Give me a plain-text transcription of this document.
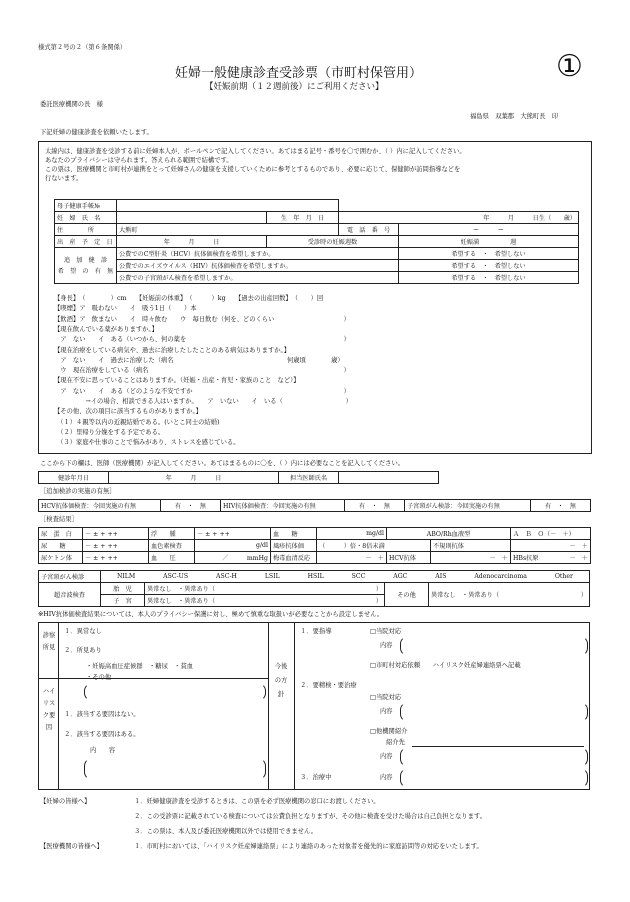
様式第２号の２（第６条関係）
妊婦一般健康診査受診票（市町村保管用）
【妊娠前期（１２週前後）にご利用ください】
①
委託医療機関の長　様
福島県　双葉郡　大熊町長　印
下記妊婦の健康診査を依頼いたします。
太線内は、健康診査を受診する前に妊婦本人が、ボールペンで記入してください。あてはまる記号・番号を〇で囲むか、（ ）内に記入してください。
あなたのプライバシーは守られます。答えられる範囲で結構です。
この票は、医療機関と市町村が連携をとって妊婦さんの健康を支援していくために参考とするものであり、必要に応じて、保健師が訪問指導などを
行ないます。
母子健康手帳№				
妊　婦　氏　名		生　年　月　日	年　　　月　　　日生（　　歳）	
住　　　　所	大熊町		電　話　番　号	ー　　　ー
出　産　予　定　日	年　　　月　　　日	受診時の妊娠週数		妊娠満　　　　　週
追　加　健　診
希　望　の　有　無	公費でのC型肝炎（HCV）抗体価検査を希望しますか。			希望する　・　希望しない
	公費でのエイズウイルス（HIV）抗体価検査を希望しますか。			希望する　・　希望しない
	公費での子宮頸がん検査を希望しますか。			希望する　・　希望しない
【身長】　（　　　　）cm　　【妊娠前の体重】　（　　　）kg　　【過去の出産回数】　（　　）回
【喫煙】ア　吸わない　　イ　吸う1日（　　）本
【飲酒】ア　飲まない　　イ　時々飲む　　ウ　毎日飲む（何を、どのくらい　　　　　　　　　　　）
【現在飲んでいる薬がありますか。】
　ア　ない　　イ　ある（いつから、何の薬を　　　　　　　　　　　　　　　　　　　　　　　　　）
【現在治療をしている病気や、過去に治療したしたことのある病気はありますか。】
　ア　ない　　イ　過去に治療した（病名　　　　　　　　　　　　　　　　　　何歳頃　　　　歳）
　ウ　現在治療をしている（病名　　　　　　　　　　　　　　　　　　　　　　　　　　　　　　　）
【現在不安に思っていることはありますか。（妊娠・出産・育児・家族のこと　など）】
　ア　ない　　イ　ある（どのような不安ですか　　　　　　　　　　　　　　　　　　　　　　　　）
　　　　　→イの場合、相談できる人はいますか。　　ア　いない　　イ　いる（　　　　　　　　　　）
【その他、次の項目に該当するものがありますか。】
　（１）４親等以内の近親結婚である。(いとこ同士の結婚)
　（２）里帰り分娩をする予定である。
　（３）家庭や仕事のことで悩みがあり、ストレスを感じている。
ここから下の欄は、医師（医療機関）が記入してください。あてはまるものに〇を、（ ）内には必要なことを記入してください。
健診年月日	年　　　月　　　日	担当医師氏名	
［追加検診の実施の有無］
HCV抗体価検査：今回実施の有無	有　・　無	HIV抗体価検査：今回実施の有無	有　・　無	子宮頸がん検診：今回実施の有無	有　・　無
［検査結果］
尿　蛋　白	－ ± + ++	浮　　腫	－ ± + ++	血　　糖	mg/dl	ABO/Rh血液型		Ａ　Ｂ　Ｏ（－　＋）
尿　　糖	－ ± + ++	血色素検査	g/dl	風疹抗体価	（　　　）倍・8倍未満		不規則抗体	－　＋
尿ケトン体	－ ± + ++	血　　圧	／　　　mmHg	梅毒血清反応	－　＋	HCV抗体	－　＋	HBs抗原 －　＋
子宮頸がん検診	NILM	ASC-US	ASC-H	LSIL	HSIL	SCC	AGC	AIS	Adenocarcinoma	Other
超音波検査	胎　児	異常なし　・異常あり（ ）	その他	異常なし　・異常あり（ ）

	子　宮	異常なし　・異常あり（ ）		
※HIV抗体価検査結果については、本人のプライバシー保護に対し、極めて慎重な取扱いが必要なことから設定しません。
診察所見
１．異常なし
２．所見あり
・妊娠高血圧症候群　・糖尿　・貧血
・その他
ハイリスク要因
１．該当する要因はない。
２．該当する要因はある。
内　　容
今後の方針
１．要指導	□当院対応
内容
□市町村対応依頼　　ハイリスク妊産婦連絡票へ記載
２．要精検・要治療
□当院対応
内容
□他機関紹介
紹介先
内容
３．治療中	内容
【妊婦の皆様へ】	１．妊婦健康診査を受診するときは、この票を必ず医療機関の窓口にお渡しください。
２．この受診票に記載されている検査については公費負担となりますが、その他に検査を受けた場合は自己負担となります。
３．この票は、本人及び委託医療機関以外では使用できません。
【医療機関の皆様へ】	１．市町村においては、「ハイリスク妊産婦連絡票」により連絡のあった対象者を優先的に家庭訪問等の対応をいたします。
